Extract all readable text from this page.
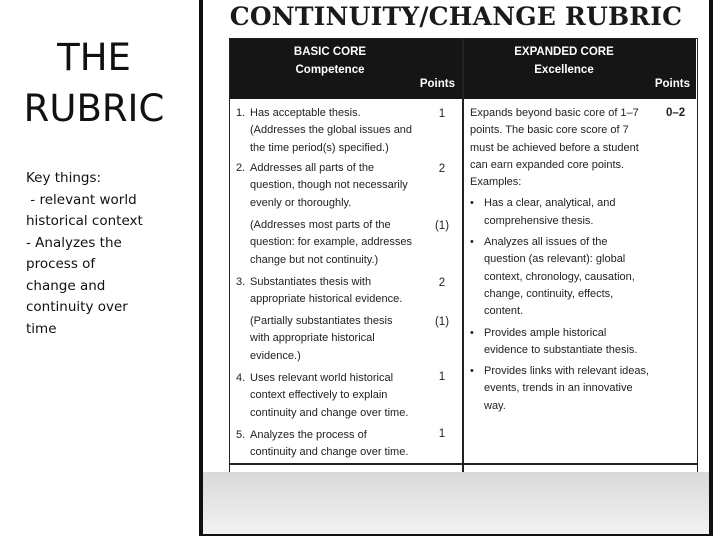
THE
RUBRIC
Key things:
- relevant world
historical context
- Analyzes the
process of
change and
continuity over
time
CONTINUITY/CHANGE RUBRIC
BASIC CORE
Competence
Points
EXPANDED CORE
Excellence
Points
1. Has acceptable thesis.
(Addresses the global issues and
the time period(s) specified.)
1
2. Addresses all parts of the
question, though not necessarily
evenly or thoroughly.
2
(Addresses most parts of the
question: for example, addresses
change but not continuity.)
(1)
3. Substantiates thesis with
appropriate historical evidence.
2
(Partially substantiates thesis
with appropriate historical
evidence.)
(1)
4. Uses relevant world historical
context effectively to explain
continuity and change over time.
1
5. Analyzes the process of
continuity and change over time.
1
Expands beyond basic core of 1–7
points. The basic core score of 7
must be achieved before a student
can earn expanded core points.
Examples:
• Has a clear, analytical, and
comprehensive thesis.
• Analyzes all issues of the
question (as relevant): global
context, chronology, causation,
change, continuity, effects,
content.
• Provides ample historical
evidence to substantiate thesis.
• Provides links with relevant ideas,
events, trends in an innovative
way.
0–2
